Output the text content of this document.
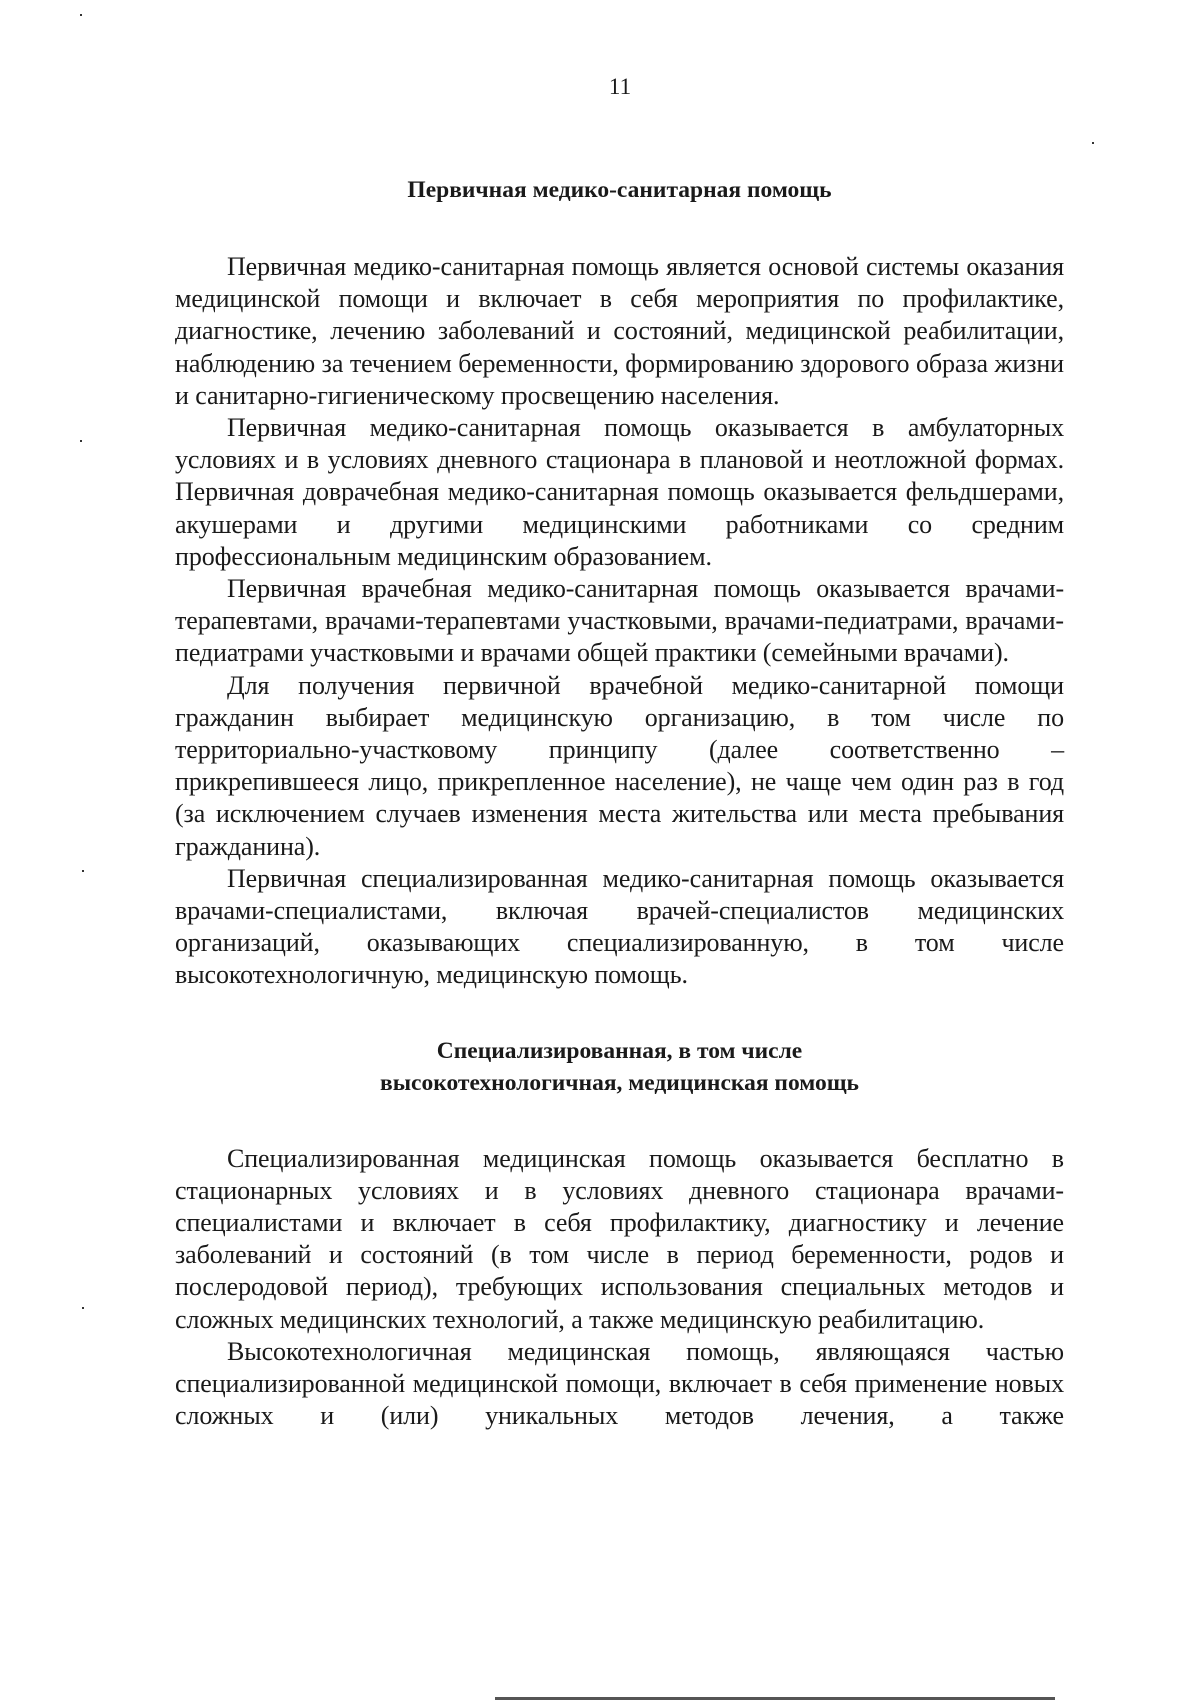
11
Первичная медико-санитарная помощь

Первичная медико-санитарная помощь является основой системы оказания медицинской помощи и включает в себя мероприятия по профилактике, диагностике, лечению заболеваний и состояний, медицинской реабилитации, наблюдению за течением беременности, формированию здорового образа жизни и санитарно-гигиеническому просвещению населения.

Первичная медико-санитарная помощь оказывается в амбулаторных условиях и в условиях дневного стационара в плановой и неотложной формах. Первичная доврачебная медико-санитарная помощь оказывается фельдшерами, акушерами и другими медицинскими работниками со средним профессиональным медицинским образованием.

Первичная врачебная медико-санитарная помощь оказывается врачами-терапевтами, врачами-терапевтами участковыми, врачами-педиатрами, врачами-педиатрами участковыми и врачами общей практики (семейными врачами).

Для получения первичной врачебной медико-санитарной помощи гражданин выбирает медицинскую организацию, в том числе по территориально-участковому принципу (далее соответственно – прикрепившееся лицо, прикрепленное население), не чаще чем один раз в год (за исключением случаев изменения места жительства или места пребывания гражданина).

Первичная специализированная медико-санитарная помощь оказывается врачами-специалистами, включая врачей-специалистов медицинских организаций, оказывающих специализированную, в том числе высокотехнологичную, медицинскую помощь.

Специализированная, в том числе
высокотехнологичная, медицинская помощь

Специализированная медицинская помощь оказывается бесплатно в стационарных условиях и в условиях дневного стационара врачами-специалистами и включает в себя профилактику, диагностику и лечение заболеваний и состояний (в том числе в период беременности, родов и послеродовой период), требующих использования специальных методов и сложных медицинских технологий, а также медицинскую реабилитацию.

Высокотехнологичная медицинская помощь, являющаяся частью специализированной медицинской помощи, включает в себя применение новых сложных и (или) уникальных методов лечения, а также
